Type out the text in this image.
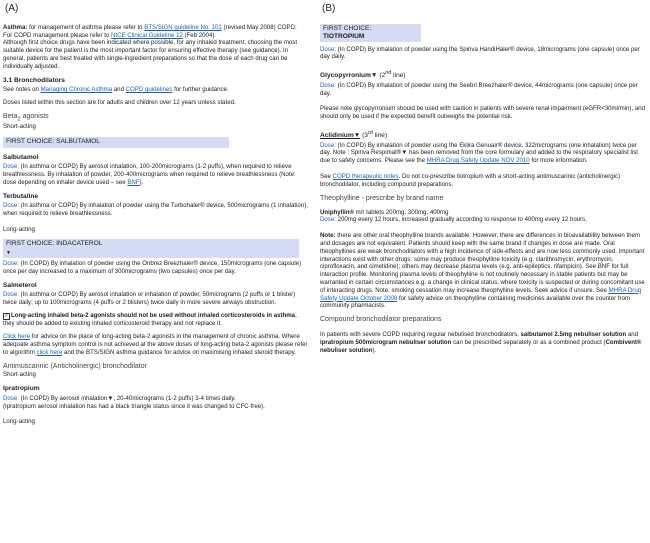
(A)

Asthma: for management of asthma please refer to BTS/SIGN guideline No. 101 (revised May 2008) COPD:
For COPD management please refer to NICE Clinical Guideline 12 (Feb 2004).
Although first choice drugs have been indicated where possible, for any inhaled treatment, choosing the most suitable device for the patient is the most important factor for ensuring effective therapy (see guidance). In general, patients are best treated with single-ingredient preparations so that the dose of each drug can be individually adjusted.

3.1 Bronchodilators

See notes on Managing Chronic Asthma and COPD guidelines for further guidance.

Doses listed within this section are for adults and children over 12 years unless stated.

Beta$_2$ agonists
Short-acting
FIRST CHOICE: SALBUTAMOL
Salbutamol

Dose: (In asthma or COPD) By aerosol inhalation, 100-200micrograms (1-2 puffs), when required to relieve breathlessness. By inhalation of powder, 200-400micrograms when required to relieve breathlessness (Note: dose depending on inhaler device used – see BNF).

Terbutaline

Dose: (In asthma or COPD) By inhalation of powder using the Turbohaler® device, 500micrograms (1 inhalation), when required to relieve breathlessness.

Long-acting

FIRST CHOICE: INDACATEROL
▼

Dose: (In COPD) By inhalation of powder using the Onbrez Breezhaler® device, 150micrograms (one capsule) once per day increased to a maximum of 300micrograms (two capsules) once per day.

Salmeterol

Dose: (In asthma or COPD) By aerosol inhalation or inhalation of powder, 50micrograms (2 puffs or 1 blister) twice daily; up to 100micrograms (4 puffs or 2 blisters) twice daily in more severe airways obstruction.

✓ Long-acting inhaled beta-2 agonists should not be used without inhaled corticosteroids in asthma; they should be added to existing inhaled corticosteroid therapy and not replace it.

Click here for advice on the place of long-acting beta-2 agonists in the management of chronic asthma. Where adequate asthma symptom control is not achieved at the above doses of long-acting beta-2 agonists please refer to algorithm click here and the BTS/SIGN asthma guidance for advice on maximising inhaled steroid therapy.

Antimuscarinic (Anticholinergic) bronchodilator
Short-acting
Ipratropium

Dose: (In COPD) By aerosol inhalation▼, 20-40micrograms (1-2 puffs) 3-4 times daily.
(Ipratropium aerosol inhalation has had a black triangle status since it was changed to CFC-free).

Long-acting

(B)
FIRST CHOICE:
TIOTROPIUM

Dose: (In COPD) By inhalation of powder using the Spiriva HandiHaler® device, 18micrograms (one capsule) once per day daily.

Glycopyrronium▼ (2nd line)

Dose: (In COPD) By inhalation of powder using the Seebri Breezhaler® device, 44micrograms (one capsule) once per day.

Please note glycopyrronium should be used with caution in patients with severe renal impairment (eGFR<30ml/min), and should only be used if the expected benefit outweighs the potential risk.

Aclidinium▼ (3rd line)

Dose: (In COPD) By inhalation of powder using the Eklira Genuair® device, 322micrograms (one inhalation) twice per day. Note : Spiriva Respimat®▼ has been removed from the core formulary and added to the respiratory specialist list due to safety concerns. Please see the MHRA Drug Safety Update NOV 2010 for more information.

See COPD therapeutic notes. Do not co-prescribe tiotropium with a short-acting antimuscarinic (anticholinergic) bronchodilator, including compound preparations.

Theophylline - prescribe by brand name
Uniphyllin® m/r tablets 200mg, 300mg, 400mg

Dose: 200mg every 12 hours, increased gradually according to response to 400mg every 12 hours.

Note: there are other oral theophylline brands available. However, there are differences in bioavailability between them and dosages are not equivalent. Patients should keep with the same brand if changes in dose are made. Oral theophyllines are weak bronchodilators with a high incidence of side-effects and are now less commonly used. Important interactions exist with other drugs: some may produce theophylline toxicity (e.g. clarithromycin, erythromycin, ciprofloxacin, and cimetidine); others may decrease plasma levels (e.g. anti-epileptics, rifampicin). See BNF for full interaction profile. Monitoring plasma levels of theophylline is not routinely necessary in stable patients but may be warranted in certain circumstances e.g. a change in clinical status, where toxicity is suspected or during concomitant use of interacting drugs. Note: smoking cessation may increase theophylline levels. Seek advice if unsure. See MHRA Drug Safety Update October 2008 for safety advice on theophylline containing medicines available over the counter from community pharmacists.

Compound bronchodilator preparations

In patients with severe COPD requiring regular nebulised bronchodilators, salbutamol 2.5mg nebuliser solution and ipratropium 500microgram nebuliser solution can be prescribed separately or as a combined product (Combivent® nebuliser solution).
